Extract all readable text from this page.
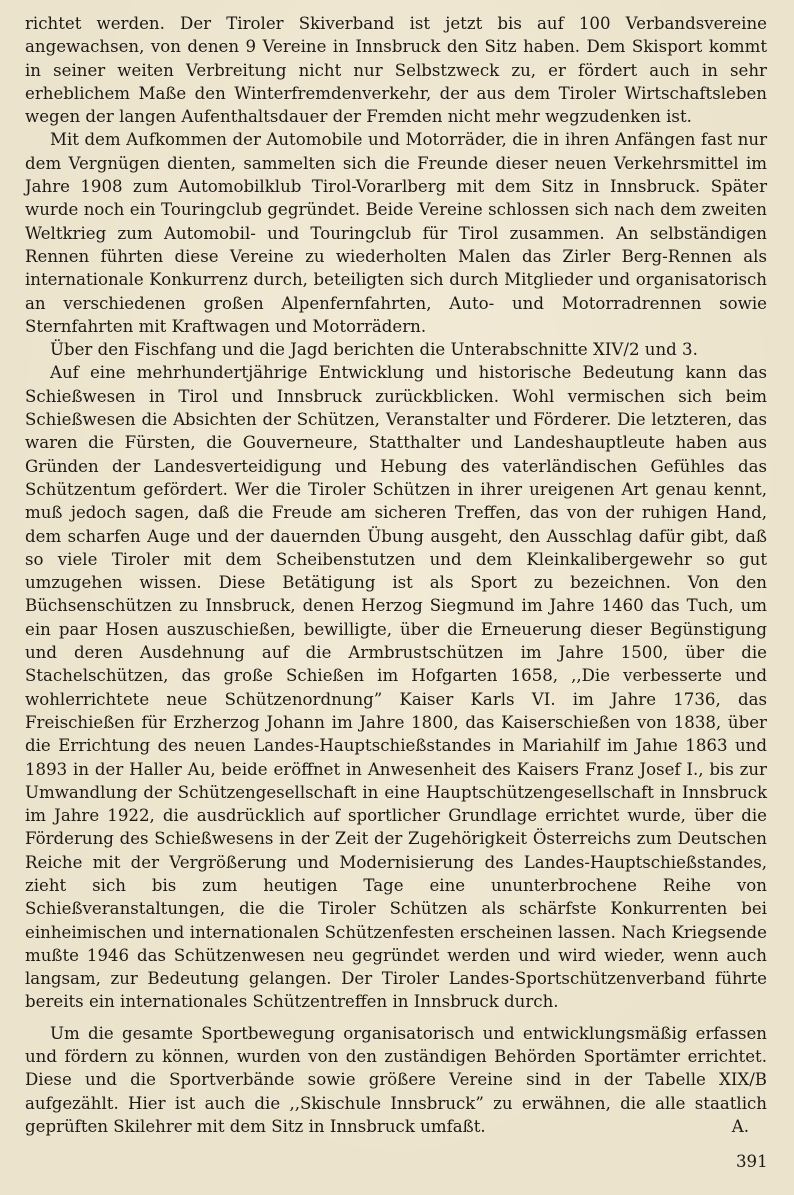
richtet werden. Der Tiroler Skiverband ist jetzt bis auf 100 Verbandsvereine angewachsen, von denen 9 Vereine in Innsbruck den Sitz haben. Dem Skisport kommt in seiner weiten Verbreitung nicht nur Selbstzweck zu, er fördert auch in sehr erheblichem Maße den Winterfremdenverkehr, der aus dem Tiroler Wirtschaftsleben wegen der langen Aufenthaltsdauer der Fremden nicht mehr wegzudenken ist.

Mit dem Aufkommen der Automobile und Motorräder, die in ihren Anfängen fast nur dem Vergnügen dienten, sammelten sich die Freunde dieser neuen Verkehrsmittel im Jahre 1908 zum Automobilklub Tirol-Vorarlberg mit dem Sitz in Innsbruck. Später wurde noch ein Touringclub gegründet. Beide Vereine schlossen sich nach dem zweiten Weltkrieg zum Automobil- und Touringclub für Tirol zusammen. An selbständigen Rennen führten diese Vereine zu wiederholten Malen das Zirler Berg-Rennen als internationale Konkurrenz durch, beteiligten sich durch Mitglieder und organisatorisch an verschiedenen großen Alpenfernfahrten, Auto- und Motorradrennen sowie Sternfahrten mit Kraftwagen und Motorrädern.

Über den Fischfang und die Jagd berichten die Unterabschnitte XIV/2 und 3.

Auf eine mehrhundertjährige Entwicklung und historische Bedeutung kann das Schießwesen in Tirol und Innsbruck zurückblicken. Wohl vermischen sich beim Schießwesen die Absichten der Schützen, Veranstalter und Förderer. Die letzteren, das waren die Fürsten, die Gouverneure, Statthalter und Landeshauptleute haben aus Gründen der Landesverteidigung und Hebung des vaterländischen Gefühles das Schützentum gefördert. Wer die Tiroler Schützen in ihrer ureigenen Art genau kennt, muß jedoch sagen, daß die Freude am sicheren Treffen, das von der ruhigen Hand, dem scharfen Auge und der dauernden Übung ausgeht, den Ausschlag dafür gibt, daß so viele Tiroler mit dem Scheibenstutzen und dem Kleinkalibergewehr so gut umzugehen wissen. Diese Betätigung ist als Sport zu bezeichnen. Von den Büchsenschützen zu Innsbruck, denen Herzog Siegmund im Jahre 1460 das Tuch, um ein paar Hosen auszuschießen, bewilligte, über die Erneuerung dieser Begünstigung und deren Ausdehnung auf die Armbrustschützen im Jahre 1500, über die Stachelschützen, das große Schießen im Hofgarten 1658, ,,Die verbesserte und wohlerrichtete neue Schützenordnung” Kaiser Karls VI. im Jahre 1736, das Freischießen für Erzherzog Johann im Jahre 1800, das Kaiserschießen von 1838, über die Errichtung des neuen Landes-Hauptschießstandes in Mariahilf im Jahıe 1863 und 1893 in der Haller Au, beide eröffnet in Anwesenheit des Kaisers Franz Josef I., bis zur Umwandlung der Schützengesellschaft in eine Hauptschützengesellschaft in Innsbruck im Jahre 1922, die ausdrücklich auf sportlicher Grundlage errichtet wurde, über die Förderung des Schießwesens in der Zeit der Zugehörigkeit Österreichs zum Deutschen Reiche mit der Vergrößerung und Modernisierung des Landes-Hauptschießstandes, zieht sich bis zum heutigen Tage eine ununterbrochene Reihe von Schießveranstaltungen, die die Tiroler Schützen als schärfste Konkurrenten bei einheimischen und internationalen Schützenfesten erscheinen lassen. Nach Kriegsende mußte 1946 das Schützenwesen neu gegründet werden und wird wieder, wenn auch langsam, zur Bedeutung gelangen. Der Tiroler Landes-Sportschützenverband führte bereits ein internationales Schützentreffen in Innsbruck durch.

Um die gesamte Sportbewegung organisatorisch und entwicklungsmäßig erfassen und fördern zu können, wurden von den zuständigen Behörden Sportämter errichtet. Diese und die Sportverbände sowie größere Vereine sind in der Tabelle XIX/B aufgezählt. Hier ist auch die ,,Skischule Innsbruck” zu erwähnen, die alle staatlich geprüften Skilehrer mit dem Sitz in Innsbruck umfaßt.	A.
391
